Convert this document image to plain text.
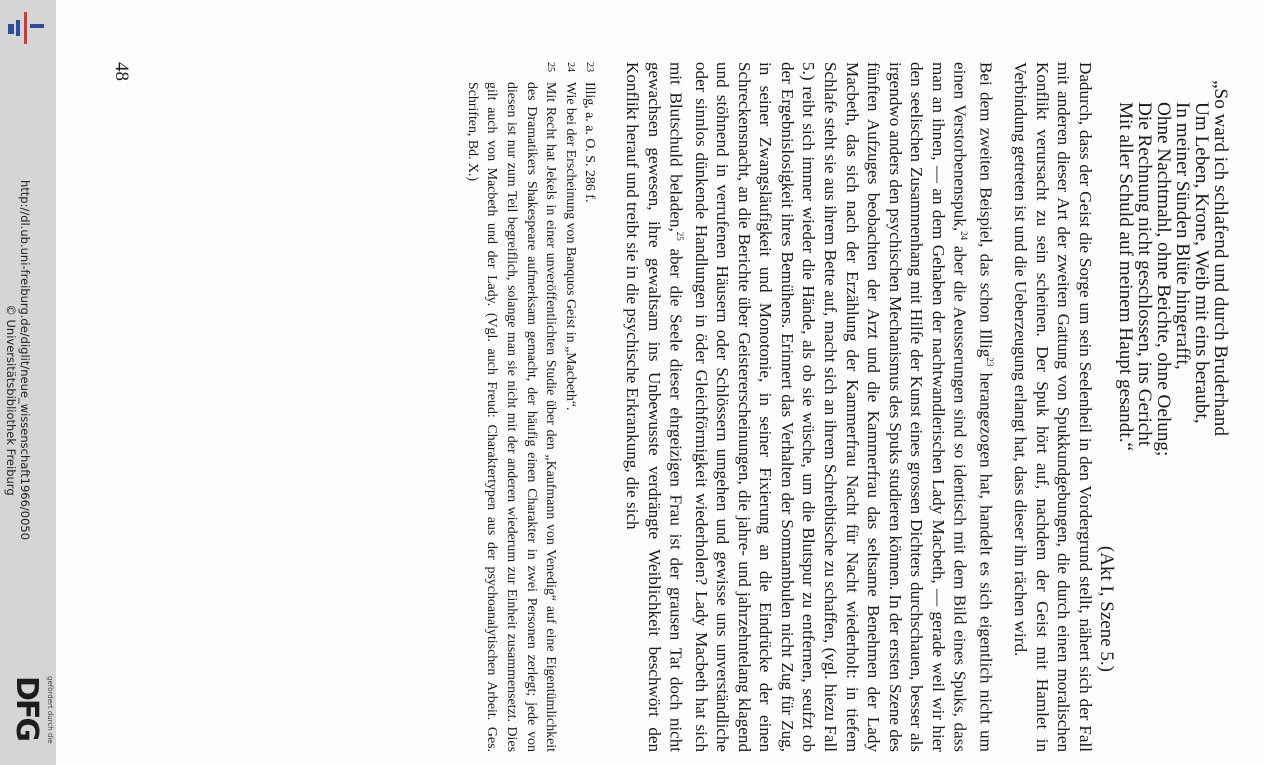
http://dl.ub.uni-freiburg.de/diglit/neue_wissenschaft1966/0050
© Universitätsbibliothek Freiburg
gefördert durch die
DFG
„So ward ich schlafend und durch Bruderhand
Um Leben, Krone, Weib mit eins beraubt,
In meiner Sünden Blüte hingerafft,
Ohne Nachtmahl, ohne Beichte, ohne Oelung;
Die Rechnung nicht geschlossen, ins Gericht
Mit aller Schuld auf meinem Haupt gesandt.“

(Akt I, Szene 5.)

Dadurch, dass der Geist die Sorge um sein Seelenheil in den Vordergrund stellt, nähert sich der Fall mit anderen dieser Art der zweiten Gattung von Spukkundgebungen, die durch einen moralischen Konflikt verursacht zu sein scheinen. Der Spuk hört auf, nachdem der Geist mit Hamlet in Verbindung getreten ist und die Ueberzeugung erlangt hat, dass dieser ihn rächen wird.

Bei dem zweiten Beispiel, das schon Illig$^{23}$ herangezogen hat, handelt es sich eigentlich nicht um einen Verstorbenenspuk,$^{24}$ aber die Aeusserungen sind so identisch mit dem Bild eines Spuks, dass man an ihnen, — an dem Gehaben der nachtwandlerischen Lady Macbeth, — gerade weil wir hier den seelischen Zusammenhang mit Hilfe der Kunst eines grossen Dichters durchschauen, besser als irgendwo anders den psychischen Mechanismus des Spuks studieren können. In der ersten Szene des fünften Aufzuges beobachten der Arzt und die Kammerfrau das seltsame Benehmen der Lady Macbeth, das sich nach der Erzählung der Kammerfrau Nacht für Nacht wiederholt: in tiefem Schlafe steht sie aus ihrem Bette auf, macht sich an ihrem Schreibtische zu schaffen, (vgl. hiezu Fall 5.) reibt sich immer wieder die Hände, als ob sie wüsche, um die Blutspur zu entfernen, seufzt ob der Ergebnislosigkeit ihres Bemühens. Erinnert das Verhalten der Somnambulen nicht Zug für Zug, in seiner Zwangsläufigkeit und Monotonie, in seiner Fixierung an die Eindrücke der einen Schreckensnacht, an die Berichte über Geistererscheinungen, die jahre- und jahrzehntelang klagend und stöhnend in verrufenen Häusern oder Schlössern umgehen und gewisse uns unverständliche oder sinnlos dünkende Handlungen in öder Gleichförmigkeit wiederholen? Lady Macbeth hat sich mit Blutschuld beladen,$^{25}$ aber die Seele dieser ehrgeizigen Frau ist der grausen Tat doch nicht gewachsen gewesen, ihre gewaltsam ins Unbewusste verdrängte Weiblichkeit beschwört den Konflikt herauf und treibt sie in die psychische Erkrankung, die sich

23
Illig, a. a. O. S. 286 f.
24
Wie bei der Erscheinung von Banquos Geist in „Macbeth“.
25
Mit Recht hat Jekels in einer unveröffentlichten Studie über den „Kaufmann von Venedig“ auf eine Eigentümlichkeit des Dramatikers Shakespeare aufmerksam gemacht, der häufig einen Charakter in zwei Personen zerlegt; jede von diesen ist nur zum Teil begreiflich, solange man sie nicht mit der anderen wiederum zur Einheit zusammensetzt. Dies gilt auch von Macbeth und der Lady. (Vgl. auch Freud: Charaktertypen aus der psychoanalytischen Arbeit. Ges. Schriften, Bd. X.)
48
